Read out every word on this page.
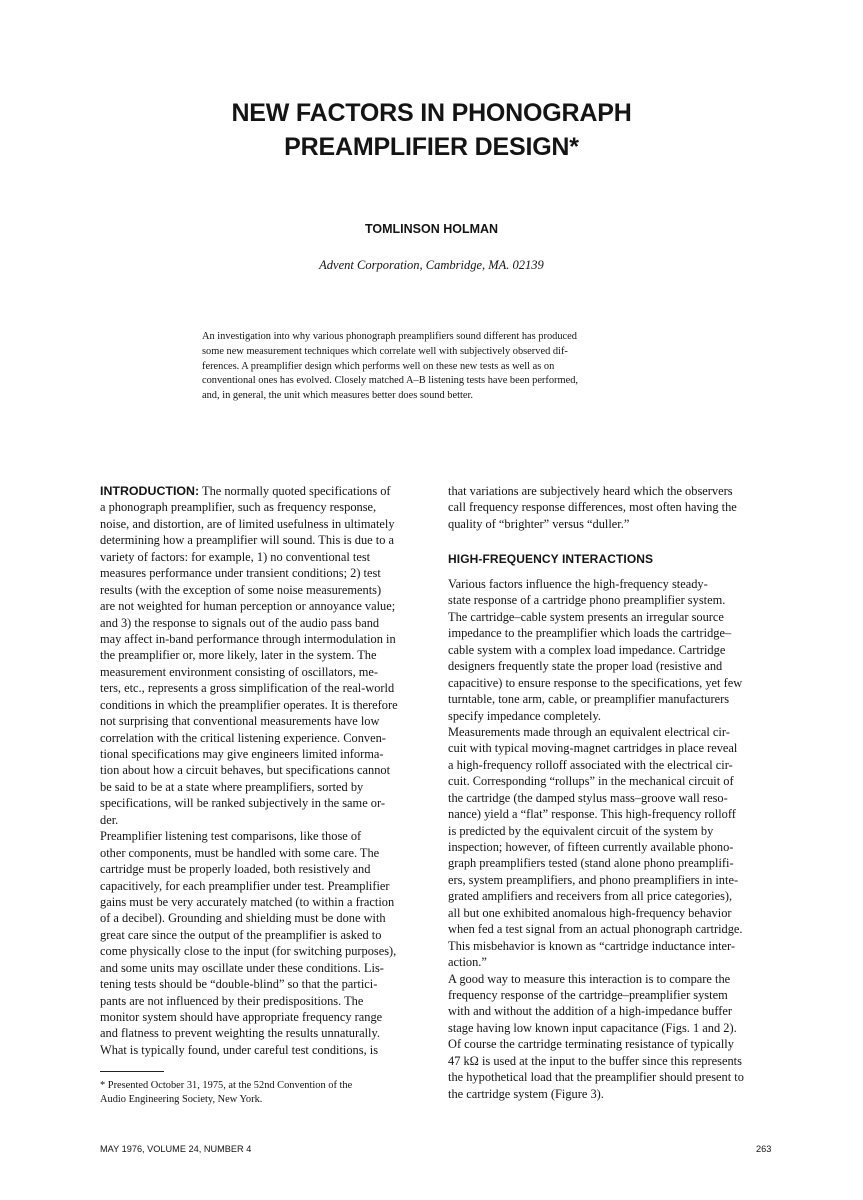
NEW FACTORS IN PHONOGRAPH
PREAMPLIFIER DESIGN*
TOMLINSON HOLMAN
Advent Corporation, Cambridge, MA. 02139
An investigation into why various phonograph preamplifiers sound different has produced
some new measurement techniques which correlate well with subjectively observed dif-
ferences. A preamplifier design which performs well on these new tests as well as on
conventional ones has evolved. Closely matched A–B listening tests have been performed,
and, in general, the unit which measures better does sound better.
INTRODUCTION: The normally quoted specifications of
a phonograph preamplifier, such as frequency response,
noise, and distortion, are of limited usefulness in ultimately
determining how a preamplifier will sound. This is due to a
variety of factors: for example, 1) no conventional test
measures performance under transient conditions; 2) test
results (with the exception of some noise measurements)
are not weighted for human perception or annoyance value;
and 3) the response to signals out of the audio pass band
may affect in-band performance through intermodulation in
the preamplifier or, more likely, later in the system. The
measurement environment consisting of oscillators, me-
ters, etc., represents a gross simplification of the real-world
conditions in which the preamplifier operates. It is therefore
not surprising that conventional measurements have low
correlation with the critical listening experience. Conven-
tional specifications may give engineers limited informa-
tion about how a circuit behaves, but specifications cannot
be said to be at a state where preamplifiers, sorted by
specifications, will be ranked subjectively in the same or-
der.
Preamplifier listening test comparisons, like those of
other components, must be handled with some care. The
cartridge must be properly loaded, both resistively and
capacitively, for each preamplifier under test. Preamplifier
gains must be very accurately matched (to within a fraction
of a decibel). Grounding and shielding must be done with
great care since the output of the preamplifier is asked to
come physically close to the input (for switching purposes),
and some units may oscillate under these conditions. Lis-
tening tests should be “double-blind” so that the partici-
pants are not influenced by their predispositions. The
monitor system should have appropriate frequency range
and flatness to prevent weighting the results unnaturally.
What is typically found, under careful test conditions, is
that variations are subjectively heard which the observers
call frequency response differences, most often having the
quality of “brighter” versus “duller.”
HIGH-FREQUENCY INTERACTIONS
Various factors influence the high-frequency steady-
state response of a cartridge phono preamplifier system.
The cartridge–cable system presents an irregular source
impedance to the preamplifier which loads the cartridge–
cable system with a complex load impedance. Cartridge
designers frequently state the proper load (resistive and
capacitive) to ensure response to the specifications, yet few
turntable, tone arm, cable, or preamplifier manufacturers
specify impedance completely.
Measurements made through an equivalent electrical cir-
cuit with typical moving-magnet cartridges in place reveal
a high-frequency rolloff associated with the electrical cir-
cuit. Corresponding “rollups” in the mechanical circuit of
the cartridge (the damped stylus mass–groove wall reso-
nance) yield a “flat” response. This high-frequency rolloff
is predicted by the equivalent circuit of the system by
inspection; however, of fifteen currently available phono-
graph preamplifiers tested (stand alone phono preamplifi-
ers, system preamplifiers, and phono preamplifiers in inte-
grated amplifiers and receivers from all price categories),
all but one exhibited anomalous high-frequency behavior
when fed a test signal from an actual phonograph cartridge.
This misbehavior is known as “cartridge inductance inter-
action.”
A good way to measure this interaction is to compare the
frequency response of the cartridge–preamplifier system
with and without the addition of a high-impedance buffer
stage having low known input capacitance (Figs. 1 and 2).
Of course the cartridge terminating resistance of typically
47 kΩ is used at the input to the buffer since this represents
the hypothetical load that the preamplifier should present to
the cartridge system (Figure 3).
* Presented October 31, 1975, at the 52nd Convention of the
Audio Engineering Society, New York.
MAY 1976, VOLUME 24, NUMBER 4	263
